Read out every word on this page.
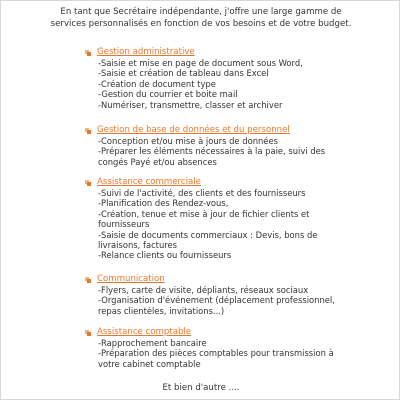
En tant que Secrétaire indépendante, j'offre une large gamme de
services personnalisés en fonction de vos besoins et de votre budget.
Gestion administrative
-Saisie et mise en page de document sous Word,
-Saisie et création de tableau dans Excel
-Création de document type
-Gestion du courrier et boite mail
-Numériser, transmettre, classer et archiver
Gestion de base de données et du personnel
-Conception et/ou mise à jours de données
-Préparer les éléments nécessaires à la paie, suivi des
congés Payé et/ou absences
Assistance commerciale
-Suivi de l'activité, des clients et des fournisseurs
-Planification des Rendez-vous,
-Création, tenue et mise à jour de fichier clients et
fournisseurs
-Saisie de documents commerciaux : Devis, bons de
livraisons, factures
-Relance clients ou fournisseurs
Communication
-Flyers, carte de visite, dépliants, réseaux sociaux
-Organisation d'événement (déplacement professionnel,
repas clientèles, invitations...)
Assistance comptable
-Rapprochement bancaire
-Préparation des pièces comptables pour transmission à
votre cabinet comptable
Et bien d'autre ....
